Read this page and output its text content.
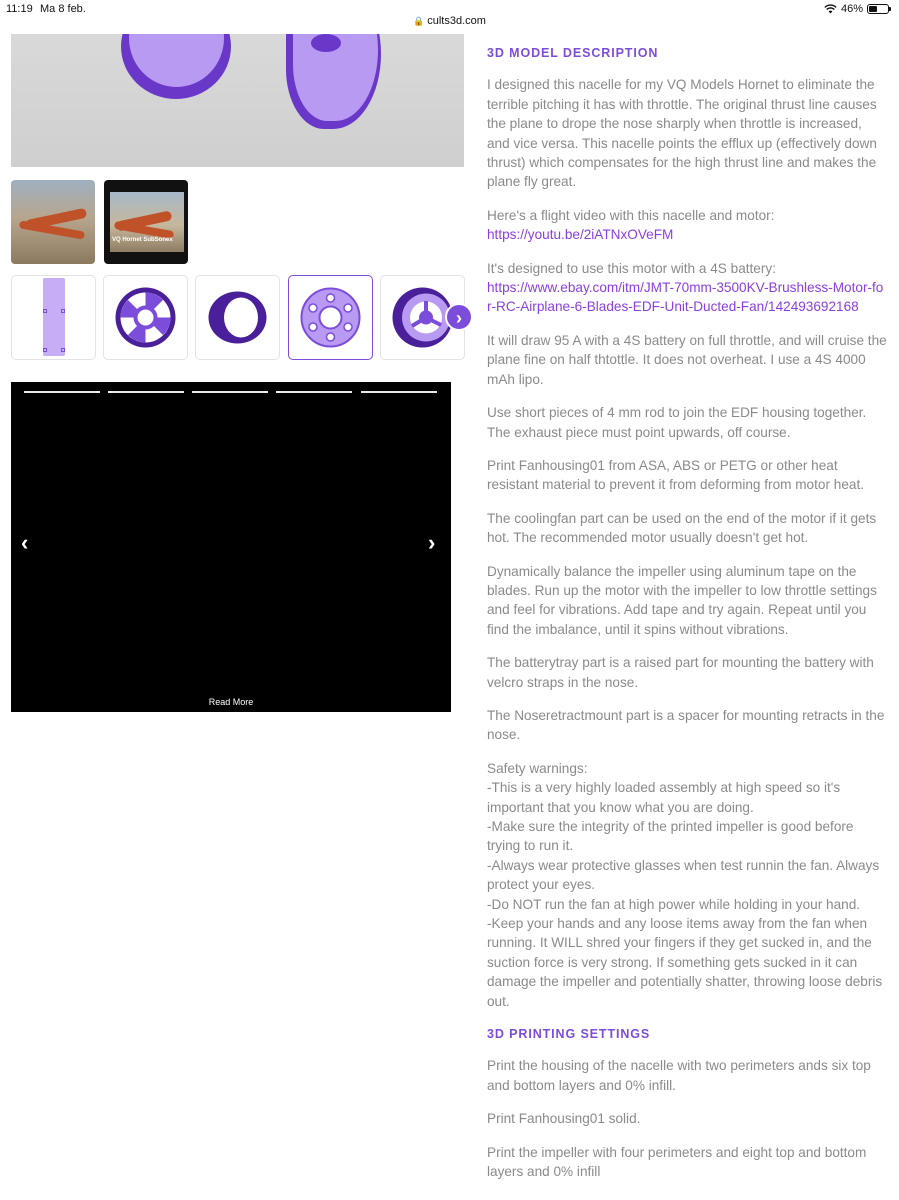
11:19 Ma 8 feb.	46%
🔒 cults3d.com
VQ Hornet SubSonex
›
‹	›
Read More
3D MODEL DESCRIPTION

I designed this nacelle for my VQ Models Hornet to eliminate the terrible pitching it has with throttle. The original thrust line causes the plane to drope the nose sharply when throttle is increased, and vice versa. This nacelle points the efflux up (effectively down thrust) which compensates for the high thrust line and makes the plane fly great.

Here's a flight video with this nacelle and motor:
https://youtu.be/2iATNxOVeFM

It's designed to use this motor with a 4S battery:
https://www.ebay.com/itm/JMT-70mm-3500KV-Brushless-Motor-for-RC-Airplane-6-Blades-EDF-Unit-Ducted-Fan/142493692168

It will draw 95 A with a 4S battery on full throttle, and will cruise the plane fine on half thtottle. It does not overheat. I use a 4S 4000 mAh lipo.

Use short pieces of 4 mm rod to join the EDF housing together. The exhaust piece must point upwards, off course.

Print Fanhousing01 from ASA, ABS or PETG or other heat resistant material to prevent it from deforming from motor heat.

The coolingfan part can be used on the end of the motor if it gets hot. The recommended motor usually doesn't get hot.

Dynamically balance the impeller using aluminum tape on the blades. Run up the motor with the impeller to low throttle settings and feel for vibrations. Add tape and try again. Repeat until you find the imbalance, until it spins without vibrations.

The batterytray part is a raised part for mounting the battery with velcro straps in the nose.

The Noseretractmount part is a spacer for mounting retracts in the nose.

Safety warnings:
-This is a very highly loaded assembly at high speed so it's important that you know what you are doing.
-Make sure the integrity of the printed impeller is good before trying to run it.
-Always wear protective glasses when test runnin the fan. Always protect your eyes.
-Do NOT run the fan at high power while holding in your hand.
-Keep your hands and any loose items away from the fan when running. It WILL shred your fingers if they get sucked in, and the suction force is very strong. If something gets sucked in it can damage the impeller and potentially shatter, throwing loose debris out.

3D PRINTING SETTINGS

Print the housing of the nacelle with two perimeters ands six top and bottom layers and 0% infill.

Print Fanhousing01 solid.

Print the impeller with four perimeters and eight top and bottom layers and 0% infill
